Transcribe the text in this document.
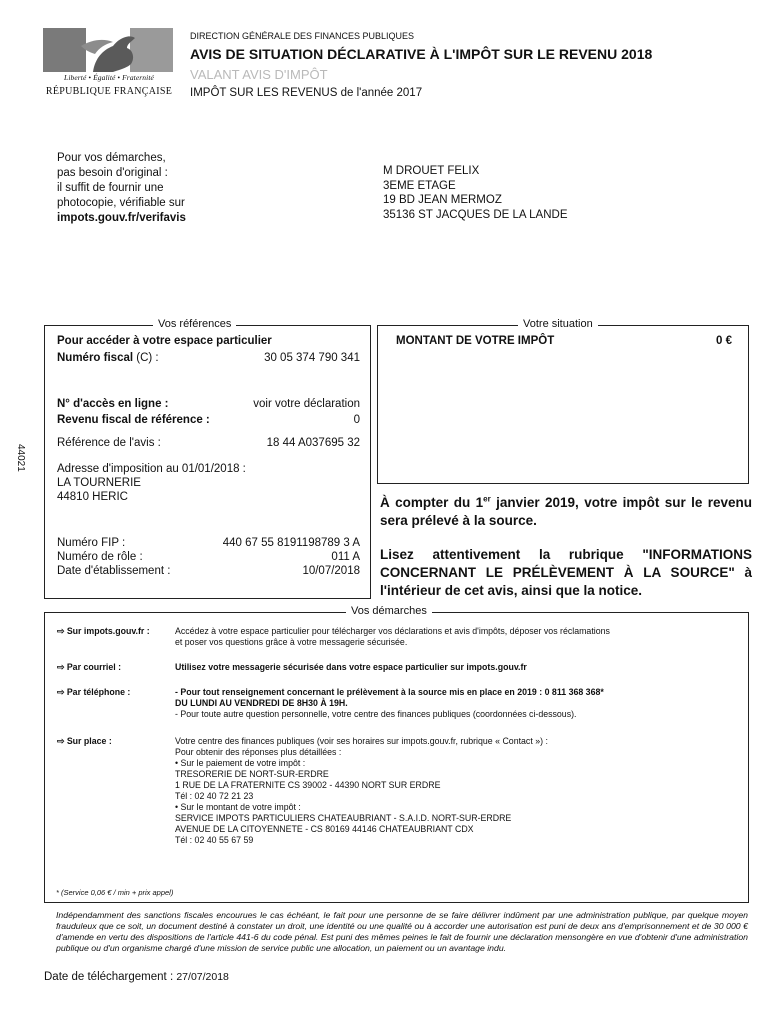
Liberté • Égalité • Fraternité
RÉPUBLIQUE FRANÇAISE
DIRECTION GÉNÉRALE DES FINANCES PUBLIQUES
AVIS DE SITUATION DÉCLARATIVE À L'IMPÔT SUR LE REVENU 2018
VALANT AVIS D'IMPÔT
IMPÔT SUR LES REVENUS de l'année 2017
Pour vos démarches,
pas besoin d'original :
il suffit de fournir une
photocopie, vérifiable sur
impots.gouv.fr/verifavis
M DROUET FELIX
3EME ETAGE
19 BD JEAN MERMOZ
35136 ST JACQUES DE LA LANDE
Vos références
Pour accéder à votre espace particulier
Numéro fiscal (C) :	30 05 374 790 341
N° d'accès en ligne :	voir votre déclaration
Revenu fiscal de référence :	0
Référence de l'avis :	18 44 A037695 32
Adresse d'imposition au 01/01/2018 :
LA TOURNERIE
44810 HERIC
Numéro FIP :	440 67 55 8191198789 3 A
Numéro de rôle :	011 A
Date d'établissement :	10/07/2018
44021
Votre situation
MONTANT DE VOTRE IMPÔT	0 €
À compter du 1er janvier 2019, votre impôt sur le revenu sera prélevé à la source.
Lisez attentivement la rubrique "INFORMATIONS CONCERNANT LE PRÉLÈVEMENT À LA SOURCE" à l'intérieur de cet avis, ainsi que la notice.
Vos démarches
⇨ Sur impots.gouv.fr :	Accédez à votre espace particulier pour télécharger vos déclarations et avis d'impôts, déposer vos réclamations
et poser vos questions grâce à votre messagerie sécurisée.
⇨ Par courriel :	Utilisez votre messagerie sécurisée dans votre espace particulier sur impots.gouv.fr
⇨ Par téléphone :	- Pour tout renseignement concernant le prélèvement à la source mis en place en 2019 : 0 811 368 368*
DU LUNDI AU VENDREDI DE 8H30 À 19H.
- Pour toute autre question personnelle, votre centre des finances publiques (coordonnées ci-dessous).
⇨ Sur place :	Votre centre des finances publiques (voir ses horaires sur impots.gouv.fr, rubrique « Contact ») :
Pour obtenir des réponses plus détaillées :
• Sur le paiement de votre impôt :
TRESORERIE DE NORT-SUR-ERDRE
1 RUE DE LA FRATERNITE CS 39002 - 44390 NORT SUR ERDRE
Tél : 02 40 72 21 23
• Sur le montant de votre impôt :
SERVICE IMPOTS PARTICULIERS CHATEAUBRIANT - S.A.I.D. NORT-SUR-ERDRE
AVENUE DE LA CITOYENNETE - CS 80169 44146 CHATEAUBRIANT CDX
Tél : 02 40 55 67 59
* (Service 0,06 € / min + prix appel)
Indépendamment des sanctions fiscales encourues le cas échéant, le fait pour une personne de se faire délivrer indûment par une administration publique, par quelque moyen frauduleux que ce soit, un document destiné à constater un droit, une identité ou une qualité ou à accorder une autorisation est puni de deux ans d'emprisonnement et de 30 000 € d'amende en vertu des dispositions de l'article 441-6 du code pénal. Est puni des mêmes peines le fait de fournir une déclaration mensongère en vue d'obtenir d'une administration publique ou d'un organisme chargé d'une mission de service public une allocation, un paiement ou un avantage indu.
Date de téléchargement : 27/07/2018
